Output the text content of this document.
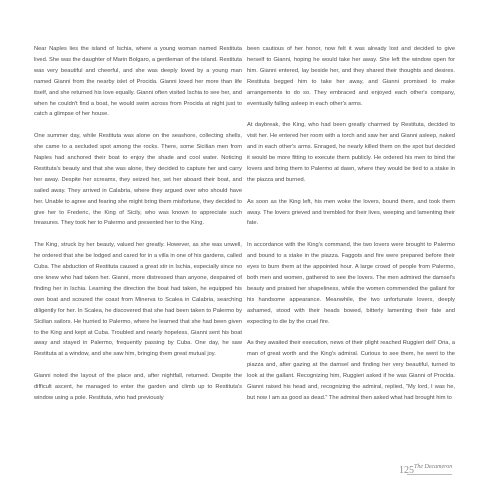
Near Naples lies the island of Ischia, where a young woman named Restituta lived. She was the daughter of Marin Bolgaro, a gentleman of the island. Restituta was very beautiful and cheerful, and she was deeply loved by a young man named Gianni from the nearby islet of Procida. Gianni loved her more than life itself, and she returned his love equally. Gianni often visited Ischia to see her, and when he couldn't find a boat, he would swim across from Procida at night just to catch a glimpse of her house.

One summer day, while Restituta was alone on the seashore, collecting shells, she came to a secluded spot among the rocks. There, some Sicilian men from Naples had anchored their boat to enjoy the shade and cool water. Noticing Restituta's beauty and that she was alone, they decided to capture her and carry her away. Despite her screams, they seized her, set her aboard their boat, and sailed away. They arrived in Calabria, where they argued over who should have her. Unable to agree and fearing she might bring them misfortune, they decided to give her to Frederic, the King of Sicily, who was known to appreciate such treasures. They took her to Palermo and presented her to the King.

The King, struck by her beauty, valued her greatly. However, as she was unwell, he ordered that she be lodged and cared for in a villa in one of his gardens, called Cuba. The abduction of Restituta caused a great stir in Ischia, especially since no one knew who had taken her. Gianni, more distressed than anyone, despaired of finding her in Ischia. Learning the direction the boat had taken, he equipped his own boat and scoured the coast from Minerva to Scalea in Calabria, searching diligently for her. In Scalea, he discovered that she had been taken to Palermo by Sicilian sailors. He hurried to Palermo, where he learned that she had been given to the King and kept at Cuba. Troubled and nearly hopeless, Gianni sent his boat away and stayed in Palermo, frequently passing by Cuba. One day, he saw Restituta at a window, and she saw him, bringing them great mutual joy.

Gianni noted the layout of the place and, after nightfall, returned. Despite the difficult ascent, he managed to enter the garden and climb up to Restituta's window using a pole. Restituta, who had previously

been cautious of her honor, now felt it was already lost and decided to give herself to Gianni, hoping he would take her away. She left the window open for him. Gianni entered, lay beside her, and they shared their thoughts and desires. Restituta begged him to take her away, and Gianni promised to make arrangements to do so. They embraced and enjoyed each other's company, eventually falling asleep in each other's arms.

At daybreak, the King, who had been greatly charmed by Restituta, decided to visit her. He entered her room with a torch and saw her and Gianni asleep, naked and in each other's arms. Enraged, he nearly killed them on the spot but decided it would be more fitting to execute them publicly. He ordered his men to bind the lovers and bring them to Palermo at dawn, where they would be tied to a stake in the piazza and burned.

As soon as the King left, his men woke the lovers, bound them, and took them away. The lovers grieved and trembled for their lives, weeping and lamenting their fate.

In accordance with the King's command, the two lovers were brought to Palermo and bound to a stake in the piazza. Faggots and fire were prepared before their eyes to burn them at the appointed hour. A large crowd of people from Palermo, both men and women, gathered to see the lovers. The men admired the damsel's beauty and praised her shapeliness, while the women commended the gallant for his handsome appearance. Meanwhile, the two unfortunate lovers, deeply ashamed, stood with their heads bowed, bitterly lamenting their fate and expecting to die by the cruel fire.

As they awaited their execution, news of their plight reached Ruggieri dell' Oria, a man of great worth and the King's admiral. Curious to see them, he went to the piazza and, after gazing at the damsel and finding her very beautiful, turned to look at the gallant. Recognizing him, Ruggieri asked if he was Gianni of Procida. Gianni raised his head and, recognizing the admiral, replied, "My lord, I was he, but now I am as good as dead." The admiral then asked what had brought him to

125 The Decameron
